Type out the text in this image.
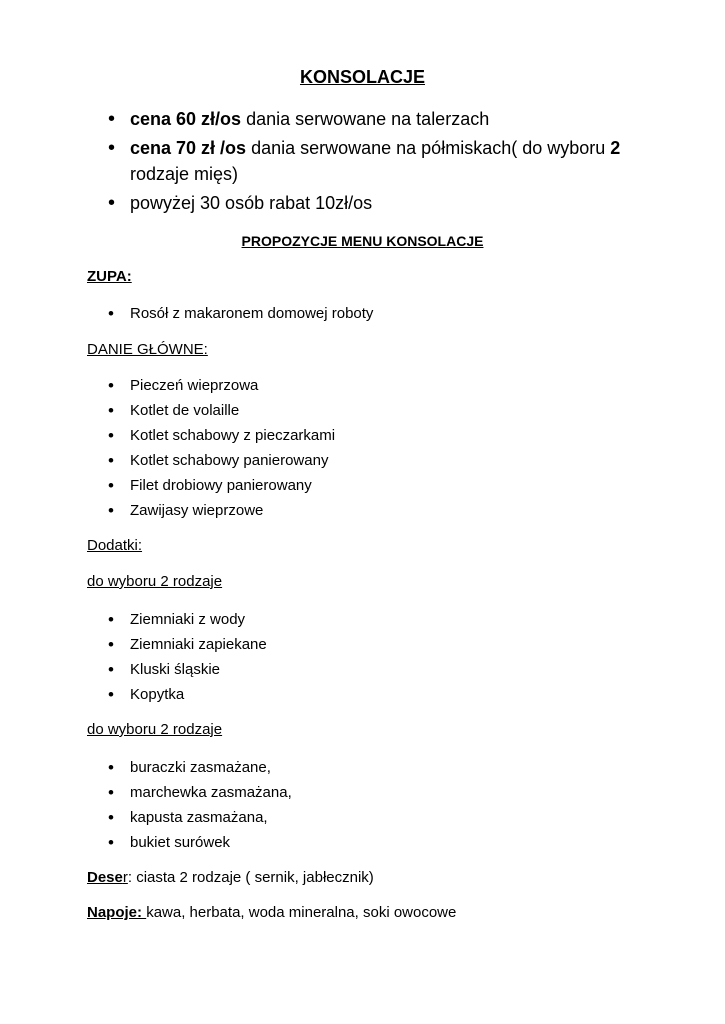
KONSOLACJE
• cena 60 zł/os dania serwowane na talerzach
• cena 70 zł /os dania serwowane na półmiskach( do wyboru 2 rodzaje mięs)
• powyżej 30 osób rabat 10zł/os
PROPOZYCJE MENU KONSOLACJE
ZUPA:
• Rosół z makaronem domowej roboty
DANIE GŁÓWNE:
• Pieczeń wieprzowa
• Kotlet de volaille
• Kotlet schabowy z pieczarkami
• Kotlet schabowy panierowany
• Filet drobiowy panierowany
• Zawijasy wieprzowe
Dodatki:
do wyboru 2 rodzaje
• Ziemniaki z wody
• Ziemniaki zapiekane
• Kluski śląskie
• Kopytka
do wyboru 2 rodzaje
• buraczki zasmażane,
• marchewka zasmażana,
• kapusta zasmażana,
• bukiet surówek
Deser: ciasta 2 rodzaje ( sernik, jabłecznik)
Napoje: kawa, herbata, woda mineralna, soki owocowe
